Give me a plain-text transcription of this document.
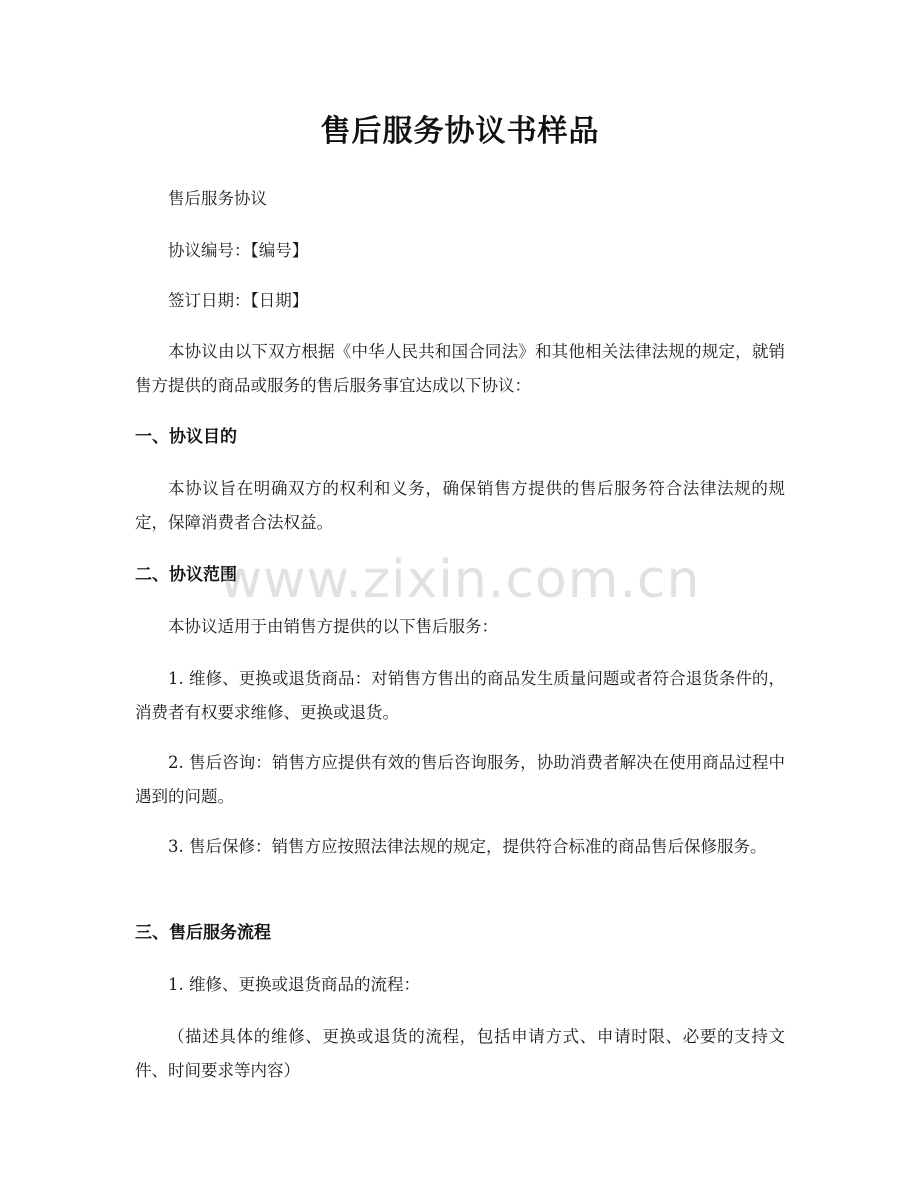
售后服务协议书样品
售后服务协议
协议编号：【编号】
签订日期：【日期】
本协议由以下双方根据《中华人民共和国合同法》和其他相关法律法规的规定，就销售方提供的商品或服务的售后服务事宜达成以下协议：
一、协议目的
本协议旨在明确双方的权利和义务，确保销售方提供的售后服务符合法律法规的规定，保障消费者合法权益。
二、协议范围
本协议适用于由销售方提供的以下售后服务：
1. 维修、更换或退货商品：对销售方售出的商品发生质量问题或者符合退货条件的，消费者有权要求维修、更换或退货。
2. 售后咨询：销售方应提供有效的售后咨询服务，协助消费者解决在使用商品过程中遇到的问题。
3. 售后保修：销售方应按照法律法规的规定，提供符合标准的商品售后保修服务。
三、售后服务流程
1. 维修、更换或退货商品的流程：
（描述具体的维修、更换或退货的流程，包括申请方式、申请时限、必要的支持文件、时间要求等内容）
www.zixin.com.cn
